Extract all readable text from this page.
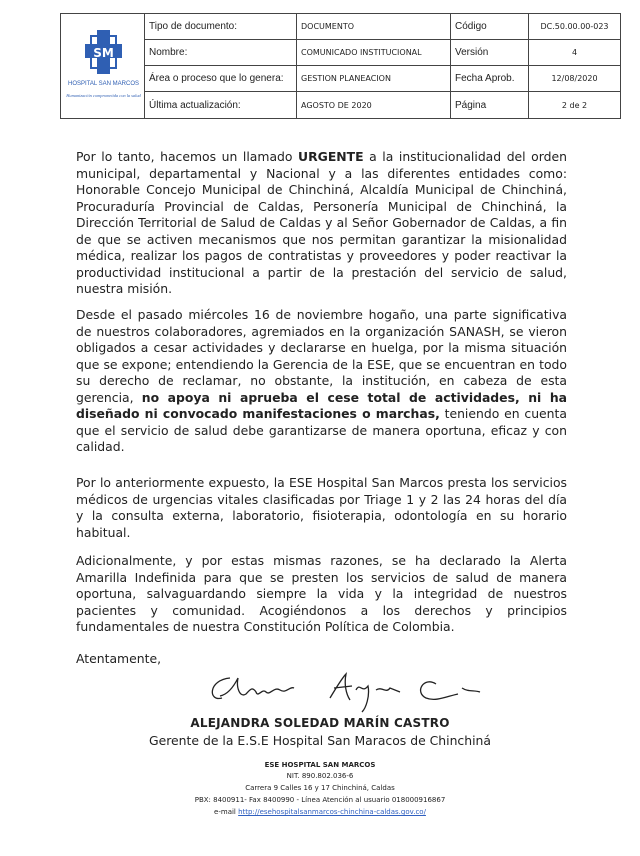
SM
HOSPITAL SAN MARCOS
Humanización comprometida con la salud
Tipo de documento:	DOCUMENTO	Código	DC.50.00.00-023
Nombre:	COMUNICADO INSTITUCIONAL	Versión	4
Área o proceso que lo genera:	GESTION PLANEACION	Fecha Aprob.	12/08/2020
Última actualización:	AGOSTO DE 2020	Página	2 de 2

Por lo tanto, hacemos un llamado URGENTE a la institucionalidad del orden municipal, departamental y Nacional y a las diferentes entidades como: Honorable Concejo Municipal de Chinchiná, Alcaldía Municipal de Chinchiná, Procuraduría Provincial de Caldas, Personería Municipal de Chinchiná, la Dirección Territorial de Salud de Caldas y al Señor Gobernador de Caldas, a fin de que se activen mecanismos que nos permitan garantizar la misionalidad médica, realizar los pagos de contratistas y proveedores y poder reactivar la productividad institucional a partir de la prestación del servicio de salud, nuestra misión.

Desde el pasado miércoles 16 de noviembre hogaño, una parte significativa de nuestros colaboradores, agremiados en la organización SANASH, se vieron obligados a cesar actividades y declararse en huelga, por la misma situación que se expone; entendiendo la Gerencia de la ESE, que se encuentran en todo su derecho de reclamar, no obstante, la institución, en cabeza de esta gerencia, no apoya ni aprueba el cese total de actividades, ni ha diseñado ni convocado manifestaciones o marchas, teniendo en cuenta que el servicio de salud debe garantizarse de manera oportuna, eficaz y con calidad.

Por lo anteriormente expuesto, la ESE Hospital San Marcos presta los servicios médicos de urgencias vitales clasificadas por Triage 1 y 2 las 24 horas del día y la consulta externa, laboratorio, fisioterapia, odontología en su horario habitual.

Adicionalmente, y por estas mismas razones, se ha declarado la Alerta Amarilla Indefinida para que se presten los servicios de salud de manera oportuna, salvaguardando siempre la vida y la integridad de nuestros pacientes y comunidad. Acogiéndonos a los derechos y principios fundamentales de nuestra Constitución Política de Colombia.

Atentamente,
ALEJANDRA SOLEDAD MARÍN CASTRO
Gerente de la E.S.E Hospital San Maracos de Chinchiná
ESE HOSPITAL SAN MARCOS
NIT. 890.802.036-6
Carrera 9 Calles 16 y 17 Chinchiná, Caldas
PBX: 8400911- Fax 8400990 - Línea Atención al usuario 018000916867
e-mail http://esehospitalsanmarcos-chinchina-caldas.gov.co/
